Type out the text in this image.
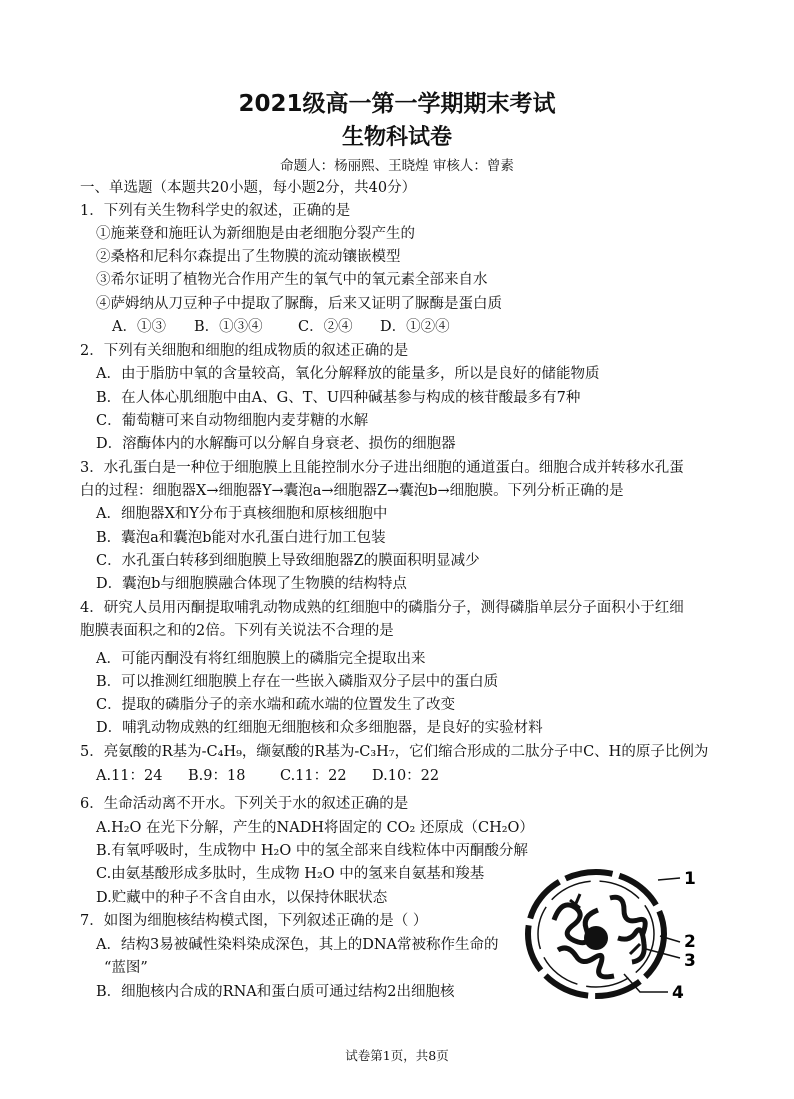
2021级高一第一学期期末考试
生物科试卷
命题人：杨丽熙、王晓煌 审核人：曾素
一、单选题（本题共20小题，每小题2分，共40分）
1．下列有关生物科学史的叙述，正确的是
①施莱登和施旺认为新细胞是由老细胞分裂产生的
②桑格和尼科尔森提出了生物膜的流动镶嵌模型
③希尔证明了植物光合作用产生的氧气中的氧元素全部来自水
④萨姆纳从刀豆种子中提取了脲酶，后来又证明了脲酶是蛋白质
A．①③ B．①③④ C．②④ D．①②④
2．下列有关细胞和细胞的组成物质的叙述正确的是
A．由于脂肪中氧的含量较高，氧化分解释放的能量多，所以是良好的储能物质
B．在人体心肌细胞中由A、G、T、U四种碱基参与构成的核苷酸最多有7种
C．葡萄糖可来自动物细胞内麦芽糖的水解
D．溶酶体内的水解酶可以分解自身衰老、损伤的细胞器
3．水孔蛋白是一种位于细胞膜上且能控制水分子进出细胞的通道蛋白。细胞合成并转移水孔蛋
白的过程：细胞器X→细胞器Y→囊泡a→细胞器Z→囊泡b→细胞膜。下列分析正确的是
A．细胞器X和Y分布于真核细胞和原核细胞中
B．囊泡a和囊泡b能对水孔蛋白进行加工包装
C．水孔蛋白转移到细胞膜上导致细胞器Z的膜面积明显减少
D．囊泡b与细胞膜融合体现了生物膜的结构特点
4．研究人员用丙酮提取哺乳动物成熟的红细胞中的磷脂分子，测得磷脂单层分子面积小于红细
胞膜表面积之和的2倍。下列有关说法不合理的是
A．可能丙酮没有将红细胞膜上的磷脂完全提取出来
B．可以推测红细胞膜上存在一些嵌入磷脂双分子层中的蛋白质
C．提取的磷脂分子的亲水端和疏水端的位置发生了改变
D．哺乳动物成熟的红细胞无细胞核和众多细胞器，是良好的实验材料
5．亮氨酸的R基为-C₄H₉，缬氨酸的R基为-C₃H₇，它们缩合形成的二肽分子中C、H的原子比例为
A.11：24 B.9：18 C.11：22 D.10：22
6．生命活动离不开水。下列关于水的叙述正确的是
A.H₂O 在光下分解，产生的NADH将固定的 CO₂ 还原成（CH₂O）
B.有氧呼吸时，生成物中 H₂O 中的氢全部来自线粒体中丙酮酸分解
C.由氨基酸形成多肽时，生成物 H₂O 中的氢来自氨基和羧基
D.贮藏中的种子不含自由水，以保持休眠状态
7．如图为细胞核结构模式图，下列叙述正确的是（ ）
A．结构3易被碱性染料染成深色，其上的DNA常被称作生命的
“蓝图”
B．细胞核内合成的RNA和蛋白质可通过结构2出细胞核
1
2
3
4
试卷第1页，共8页
